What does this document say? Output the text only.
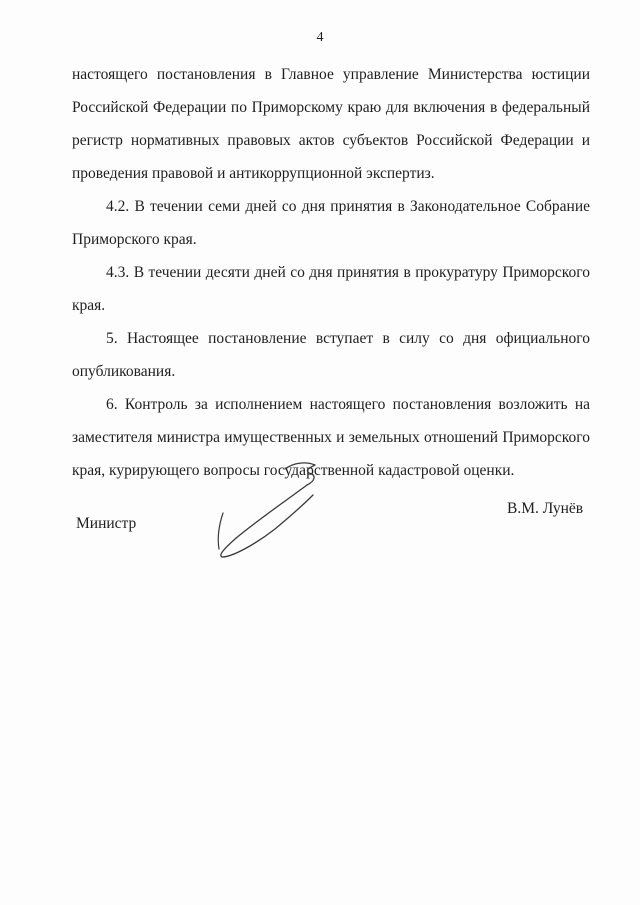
4

настоящего постановления в Главное управление Министерства юстиции Российской Федерации по Приморскому краю для включения в федеральный регистр нормативных правовых актов субъектов Российской Федерации и проведения правовой и антикоррупционной экспертиз.

4.2. В течении семи дней со дня принятия в Законодательное Собрание Приморского края.

4.3. В течении десяти дней со дня принятия в прокуратуру Приморского края.

5. Настоящее постановление вступает в силу со дня официального опубликования.

6. Контроль за исполнением настоящего постановления возложить на заместителя министра имущественных и земельных отношений Приморского края, курирующего вопросы государственной кадастровой оценки.

Министр
В.М. Лунёв
